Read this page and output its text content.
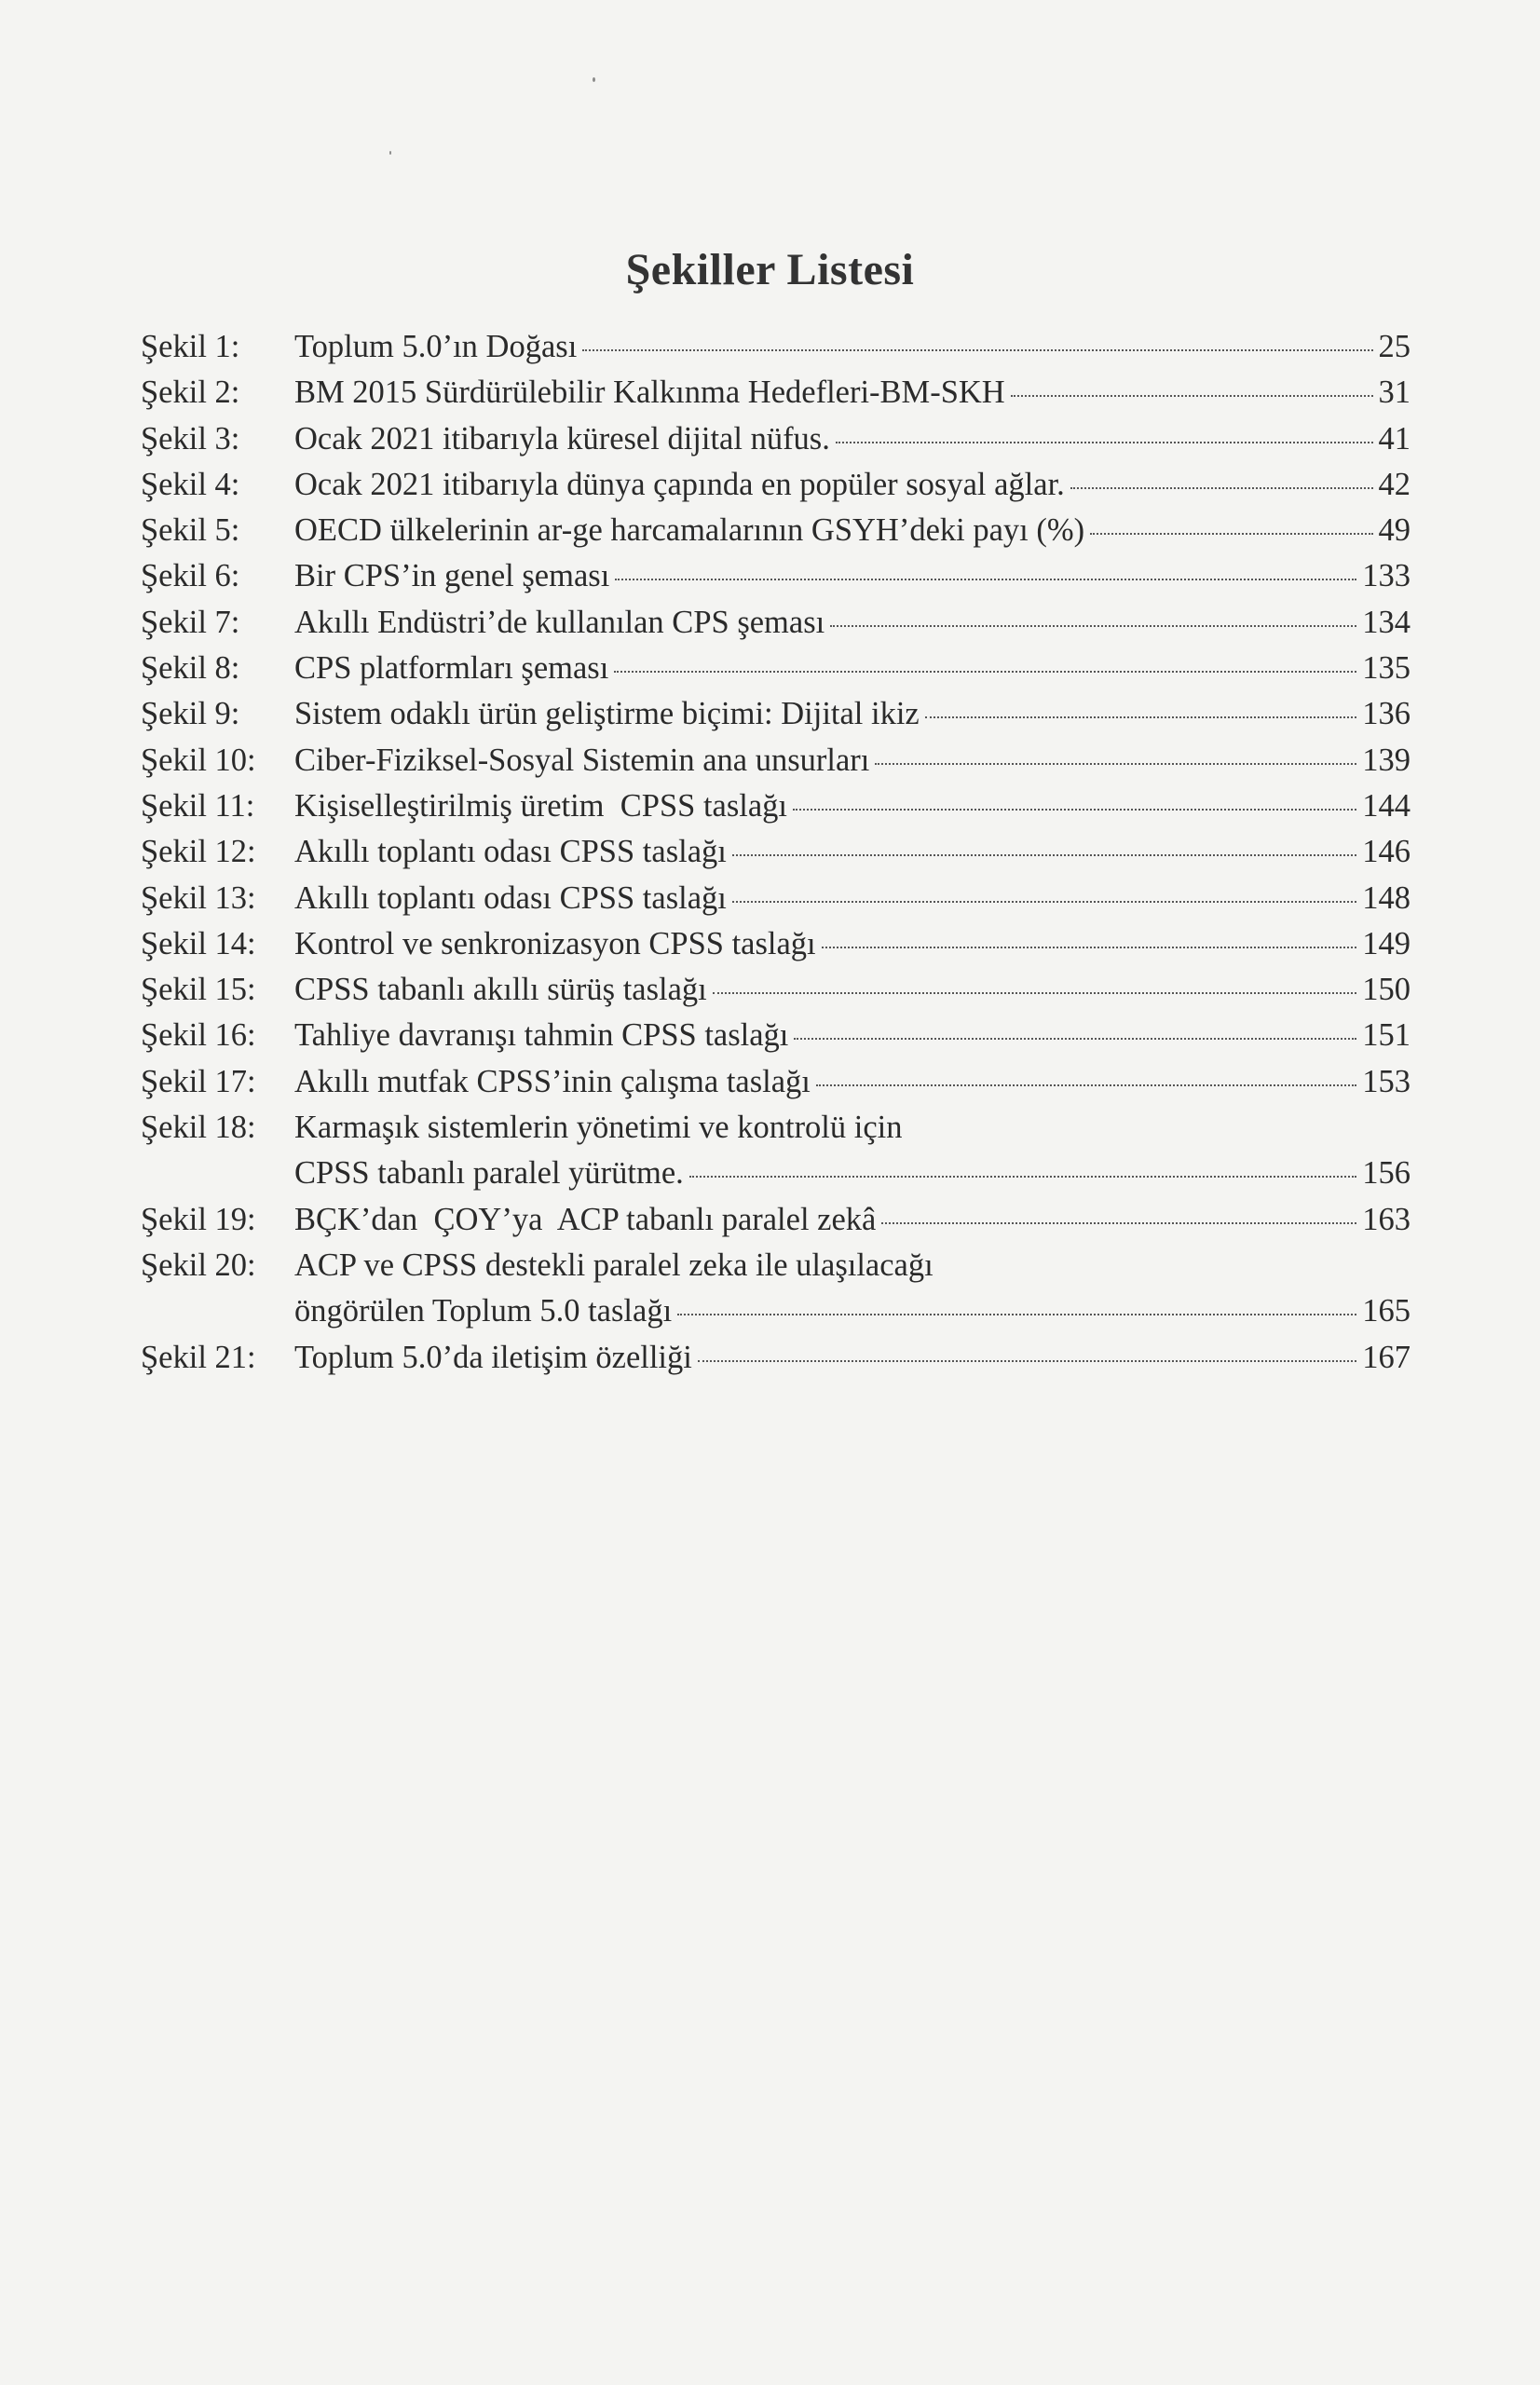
Şekiller Listesi
Şekil 1:	Toplum 5.0’ın Doğası	25
Şekil 2:	BM 2015 Sürdürülebilir Kalkınma Hedefleri-BM-SKH	31
Şekil 3:	Ocak 2021 itibarıyla küresel dijital nüfus.	41
Şekil 4:	Ocak 2021 itibarıyla dünya çapında en popüler sosyal ağlar.	42
Şekil 5:	OECD ülkelerinin ar-ge harcamalarının GSYH’deki payı (%)	49
Şekil 6:	Bir CPS’in genel şeması	133
Şekil 7:	Akıllı Endüstri’de kullanılan CPS şeması	134
Şekil 8:	CPS platformları şeması	135
Şekil 9:	Sistem odaklı ürün geliştirme biçimi: Dijital ikiz	136
Şekil 10:	Ciber-Fiziksel-Sosyal Sistemin ana unsurları	139
Şekil 11:	Kişiselleştirilmiş üretim  CPSS taslağı	144
Şekil 12:	Akıllı toplantı odası CPSS taslağı	146
Şekil 13:	Akıllı toplantı odası CPSS taslağı	148
Şekil 14:	Kontrol ve senkronizasyon CPSS taslağı	149
Şekil 15:	CPSS tabanlı akıllı sürüş taslağı	150
Şekil 16:	Tahliye davranışı tahmin CPSS taslağı	151
Şekil 17:	Akıllı mutfak CPSS’inin çalışma taslağı	153
Şekil 18:	Karmaşık sistemlerin yönetimi ve kontrolü için
CPSS tabanlı paralel yürütme.	156
Şekil 19:	BÇK’dan  ÇOY’ya  ACP tabanlı paralel zekâ	163
Şekil 20:	ACP ve CPSS destekli paralel zeka ile ulaşılacağı
öngörülen Toplum 5.0 taslağı	165
Şekil 21:	Toplum 5.0’da iletişim özelliği	167
